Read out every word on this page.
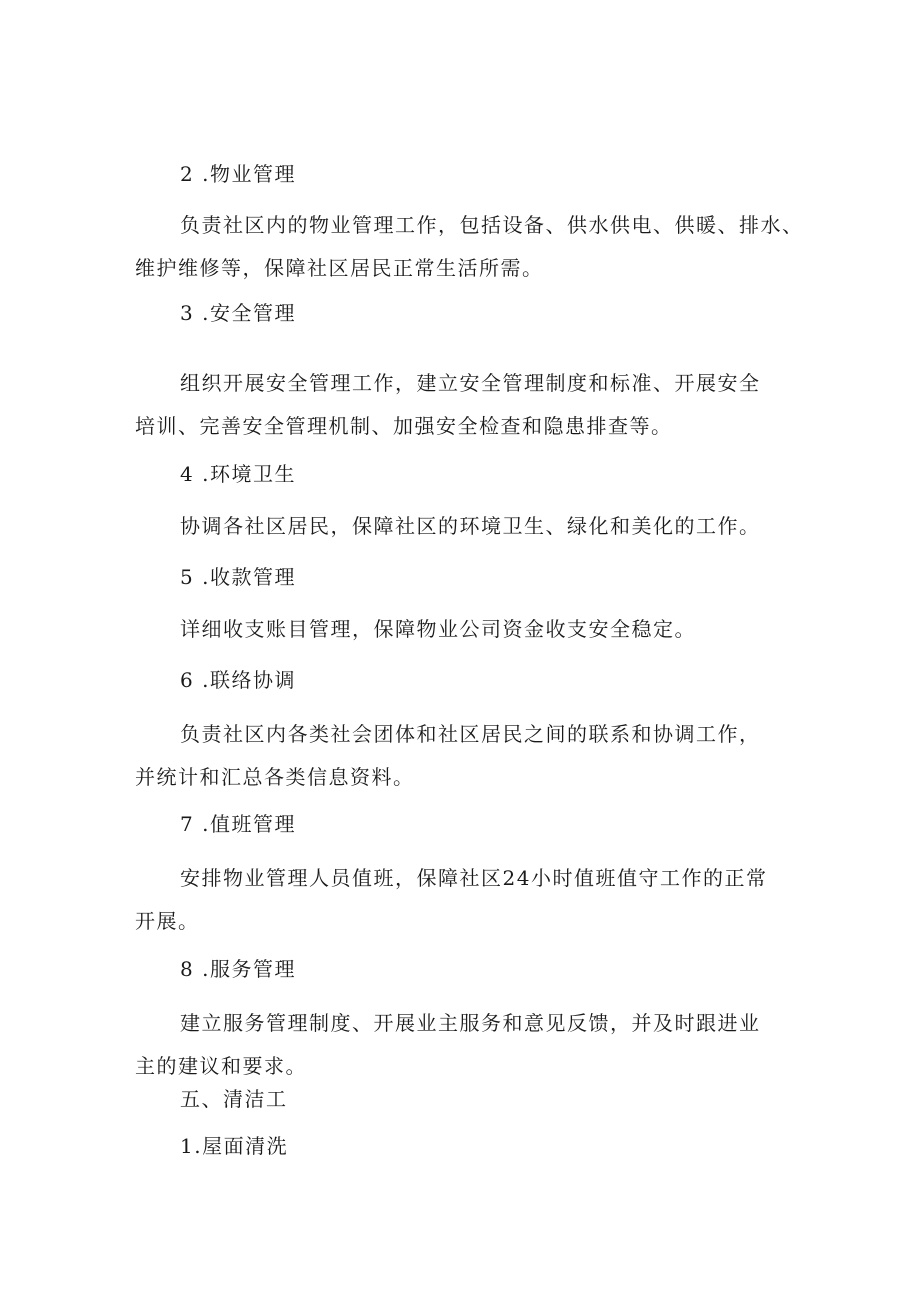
2 .物业管理

负责社区内的物业管理工作，包括设备、供水供电、供暖、排水、
维护维修等，保障社区居民正常生活所需。

3 .安全管理

组织开展安全管理工作，建立安全管理制度和标准、开展安全
培训、完善安全管理机制、加强安全检查和隐患排查等。

4 .环境卫生

协调各社区居民，保障社区的环境卫生、绿化和美化的工作。

5 .收款管理

详细收支账目管理，保障物业公司资金收支安全稳定。

6 .联络协调

负责社区内各类社会团体和社区居民之间的联系和协调工作，
并统计和汇总各类信息资料。

7 .值班管理

安排物业管理人员值班，保障社区24小时值班值守工作的正常
开展。

8 .服务管理

建立服务管理制度、开展业主服务和意见反馈，并及时跟进业
主的建议和要求。

五、清洁工

1.屋面清洗
